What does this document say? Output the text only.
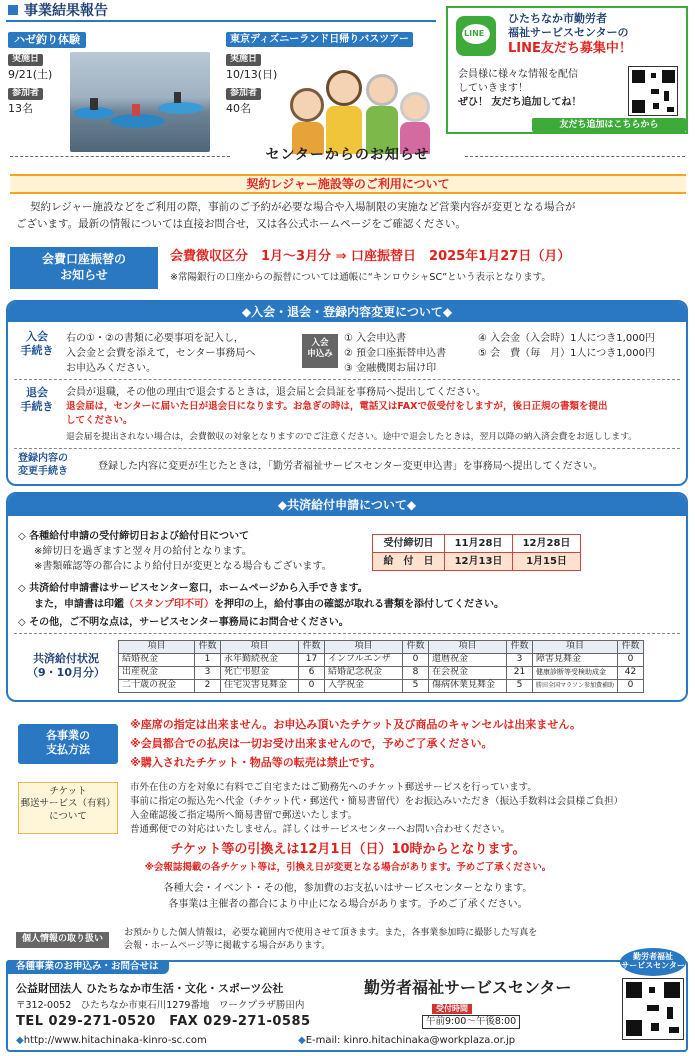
事業結果報告
ハゼ釣り体験
実施日
9/21(土)
参加者
13名
東京ディズニーランド日帰りバスツアー
実施日
10/13(日)
参加者
40名
LINE
ひたちなか市勤労者
福祉サービスセンターの
LINE友だち募集中！
会員様に様々な情報を配信
していきます！
ぜひ！ 友だち追加してね！
友だち追加はこちらから
センターからのお知らせ
契約レジャー施設等のご利用について
契約レジャー施設などをご利用の際，事前のご予約が必要な場合や入場制限の実施など営業内容が変更となる場合が
ございます。最新の情報については直接お問合せ，又は各公式ホームページをご確認ください。
会費口座振替の
お知らせ
会費徴収区分　1月～3月分 ⇒ 口座振替日　2025年1月27日（月）
※常陽銀行の口座からの振替については通帳に“キンロウシャSC”という表示となります。
◆入会・退会・登録内容変更について◆
入会
手続き
右の①・②の書類に必要事項を記入し，
入会金と会費を添えて，センター事務局へ
お申込みください。
入会
申込み
① 入会申込書
② 預金口座振替申込書
③ 金融機関お届け印
④ 入会金（入会時）1人につき1,000円
⑤ 会　費（毎　月）1人につき1,000円
退会
手続き
会員が退職，その他の理由で退会するときは，退会届と会員証を事務局へ提出してください。
退会届は，センターに届いた日が退会日になります。お急ぎの時は，電話又はFAXで仮受付をしますが，後日正規の書類を提出
してください。
退会届を提出されない場合は，会費徴収の対象となりますのでご注意ください。途中で退会したときは，翌月以降の納入済会費をお返しします。
登録内容の
変更手続き	登録した内容に変更が生じたときは，「勤労者福祉サービスセンター変更申込書」を事務局へ提出してください。
◆共済給付申請について◆
◇ 各種給付申請の受付締切日および給付日について
※締切日を過ぎますと翌々月の給付となります。
※書類確認等の都合により給付日が変更となる場合もございます。
受付締切日	11月28日	12月28日
給　付　日	12月13日	1月15日
◇ 共済給付申請書はサービスセンター窓口，ホームページから入手できます。
また，申請書は印鑑（スタンプ印不可）を押印の上，給付事由の確認が取れる書類を添付してください。
◇ その他，ご不明な点は，サービスセンター事務局にお問合せください。
共済給付状況
（9・10月分）
項目	件数	項目	件数	項目	件数	項目	件数	項目	件数
結婚祝金	1	永年勤続祝金	17	インフルエンザ	0	還暦祝金	3	障害見舞金	0
出産祝金	3	死亡弔慰金	6	結婚記念祝金	8	在会祝金	21	健康診断等受検助成金	42
二十歳の祝金	2	住宅災害見舞金	0	入学祝金	5	傷病休業見舞金	5	勝田全国マラソン参加費補助	0
各事業の
支払方法
※座席の指定は出来ません。お申込み頂いたチケット及び商品のキャンセルは出来ません。
※会員都合での払戻は一切お受け出来ませんので，予めご了承ください。
※購入されたチケット・物品等の転売は禁止です。
チケット
郵送サービス（有料）
について
市外在住の方を対象に有料でご自宅またはご勤務先へのチケット郵送サービスを行っています。
事前に指定の振込先へ代金（チケット代・郵送代・簡易書留代）をお振込みいただき（振込手数料は会員様ご負担）
入金確認後ご指定場所へ簡易書留で郵送いたします。
普通郵便での対応はいたしません。詳しくはサービスセンターへお問い合わせください。
チケット等の引換えは12月1日（日）10時からとなります。
※会報誌掲載の各チケット等は，引換え日が変更となる場合があります。予めご了承ください。
各種大会・イベント・その他，参加費のお支払いはサービスセンターとなります。
各事業は主催者の都合により中止になる場合があります。予めご了承ください。
個人情報の取り扱い
お預かりした個人情報は，必要な範囲内で使用させて頂きます。また，各事業参加時に撮影した写真を
会報・ホームページ等に掲載する場合があります。
各種事業のお申込み・お問合せは
公益財団法人 ひたちなか市生活・文化・スポーツ公社	勤労者福祉サービスセンター
〒312-0052　ひたちなか市東石川1279番地　ワークプラザ勝田内
TEL 029-271-0520　FAX 029-271-0585
受付時間
午前9:00～午後8:00
◆http://www.hitachinaka-kinro-sc.com	◆E-mail: kinro.hitachinaka@workplaza.or.jp
勤労者福祉
サービスセンター
